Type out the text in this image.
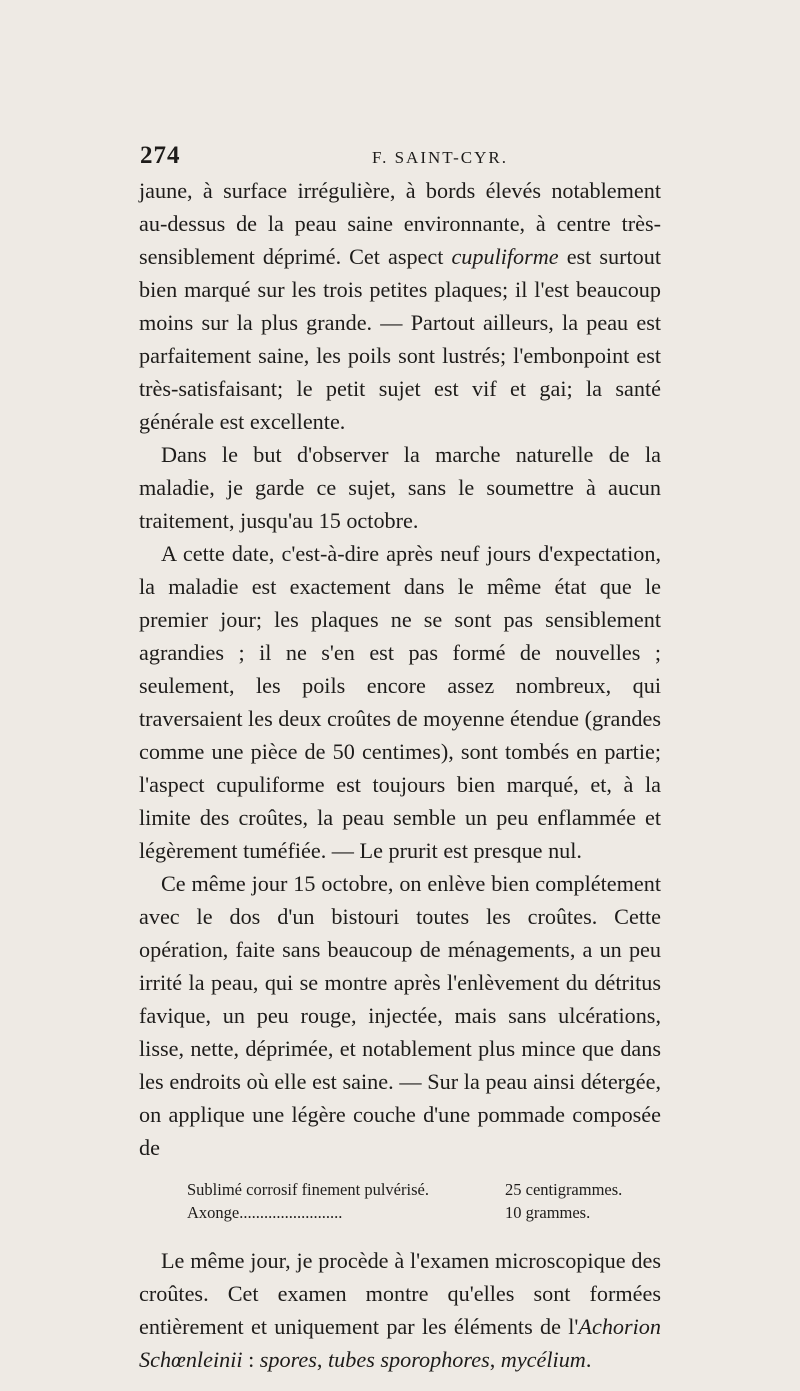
274	F. SAINT-CYR.

jaune, à surface irrégulière, à bords élevés notablement au-dessus de la peau saine environnante, à centre très-sensiblement déprimé. Cet aspect cupuliforme est surtout bien marqué sur les trois petites plaques; il l'est beaucoup moins sur la plus grande. — Partout ailleurs, la peau est parfaitement saine, les poils sont lustrés; l'embonpoint est très-satisfaisant; le petit sujet est vif et gai; la santé générale est excellente.

Dans le but d'observer la marche naturelle de la maladie, je garde ce sujet, sans le soumettre à aucun traitement, jusqu'au 15 octobre.

A cette date, c'est-à-dire après neuf jours d'expectation, la maladie est exactement dans le même état que le premier jour; les plaques ne se sont pas sensiblement agrandies ; il ne s'en est pas formé de nouvelles ; seulement, les poils encore assez nombreux, qui traversaient les deux croûtes de moyenne étendue (grandes comme une pièce de 50 centimes), sont tombés en partie; l'aspect cupuliforme est toujours bien marqué, et, à la limite des croûtes, la peau semble un peu enflammée et légèrement tuméfiée. — Le prurit est presque nul.

Ce même jour 15 octobre, on enlève bien complétement avec le dos d'un bistouri toutes les croûtes. Cette opération, faite sans beaucoup de ménagements, a un peu irrité la peau, qui se montre après l'enlèvement du détritus favique, un peu rouge, injectée, mais sans ulcérations, lisse, nette, déprimée, et notablement plus mince que dans les endroits où elle est saine. — Sur la peau ainsi détergée, on applique une légère couche d'une pommade composée de

Sublimé corrosif finement pulvérisé.	25 centigrammes.
Axonge.........................	10 grammes.

Le même jour, je procède à l'examen microscopique des croûtes. Cet examen montre qu'elles sont formées entièrement et uniquement par les éléments de l'Achorion Schœnleinii : spores, tubes sporophores, mycélium.
